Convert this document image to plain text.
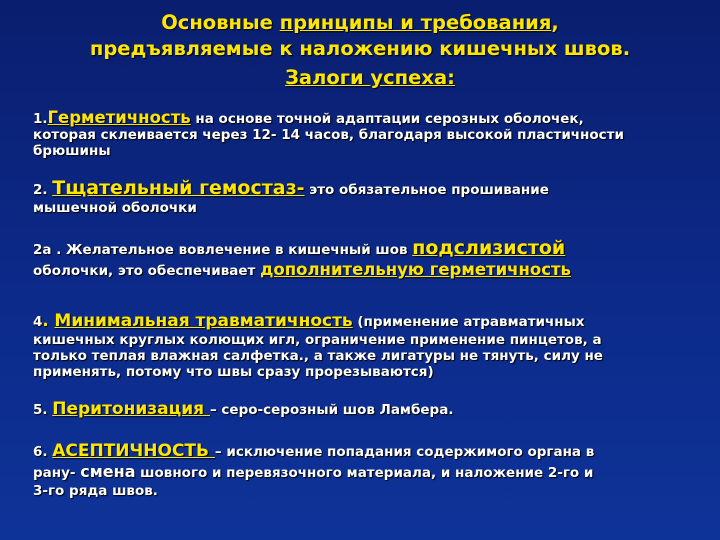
Основные принципы и требования,
предъявляемые к наложению кишечных швов.
Залоги успеха:
1.Герметичность на основе точной адаптации серозных оболочек,
которая склеивается через 12- 14 часов, благодаря высокой пластичности
брюшины
2. Тщательный гемостаз- это обязательное прошивание
мышечной оболочки
2а . Желательное вовлечение в кишечный шов подслизистой
оболочки, это обеспечивает дополнительную герметичность
4. Минимальная травматичность (применение атравматичных
кишечных круглых колющих игл, ограничение применение пинцетов, а
только теплая влажная салфетка., а также лигатуры не тянуть, силу не
применять, потому что швы сразу прорезываются)
5. Перитонизация – серо-серозный шов Ламбера.
6. АСЕПТИЧНОСТЬ – исключение попадания содержимого органа в
рану- смена шовного и перевязочного материала, и наложение 2-го и
3-го ряда швов.
